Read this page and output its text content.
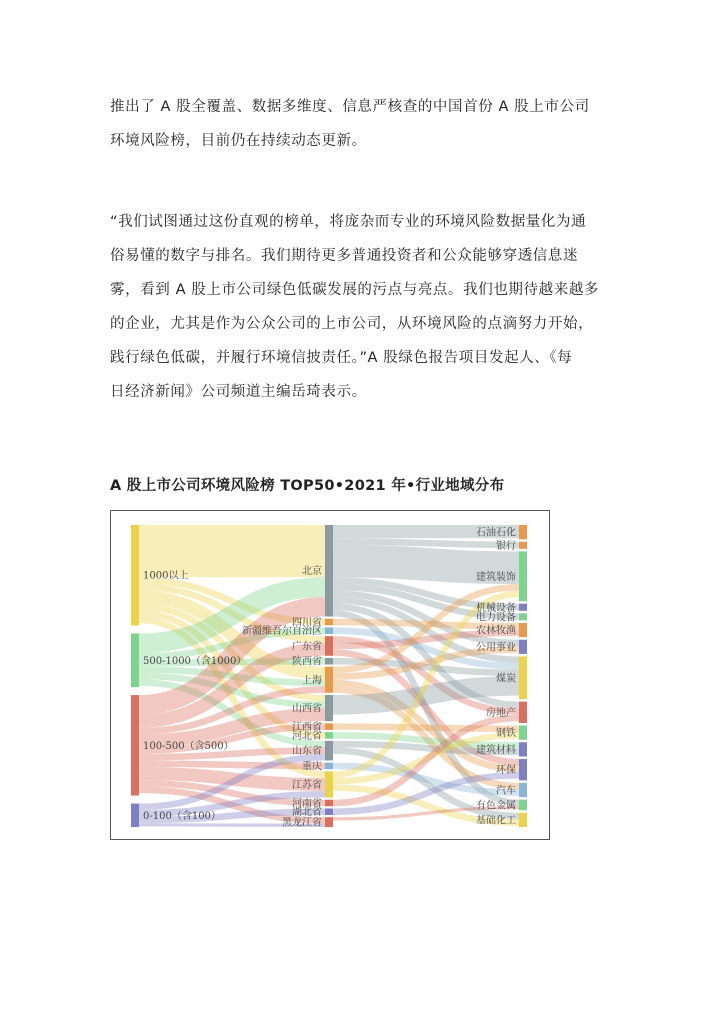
推出了 A 股全覆盖、数据多维度、信息严核查的中国首份 A 股上市公司
环境风险榜，目前仍在持续动态更新。
“我们试图通过这份直观的榜单，将庞杂而专业的环境风险数据量化为通
俗易懂的数字与排名。我们期待更多普通投资者和公众能够穿透信息迷
雾，看到 A 股上市公司绿色低碳发展的污点与亮点。我们也期待越来越多
的企业，尤其是作为公众公司的上市公司，从环境风险的点滴努力开始，
践行绿色低碳，并履行环境信披责任。”A 股绿色报告项目发起人、《每
日经济新闻》公司频道主编岳琦表示。
A 股上市公司环境风险榜 TOP50•2021 年•行业地域分布
1000以上
500-1000（含1000）
100-500（含500）
0-100（含100）
北京
四川省
新疆维吾尔自治区
广东省
陕西省
上海
山西省
江西省
河北省
山东省
重庆
江苏省
河南省
湖北省
黑龙江省
石油石化
银行
建筑装饰
机械设备
电力设备
农林牧渔
公用事业
煤炭
房地产
钢铁
建筑材料
环保
汽车
有色金属
基础化工
